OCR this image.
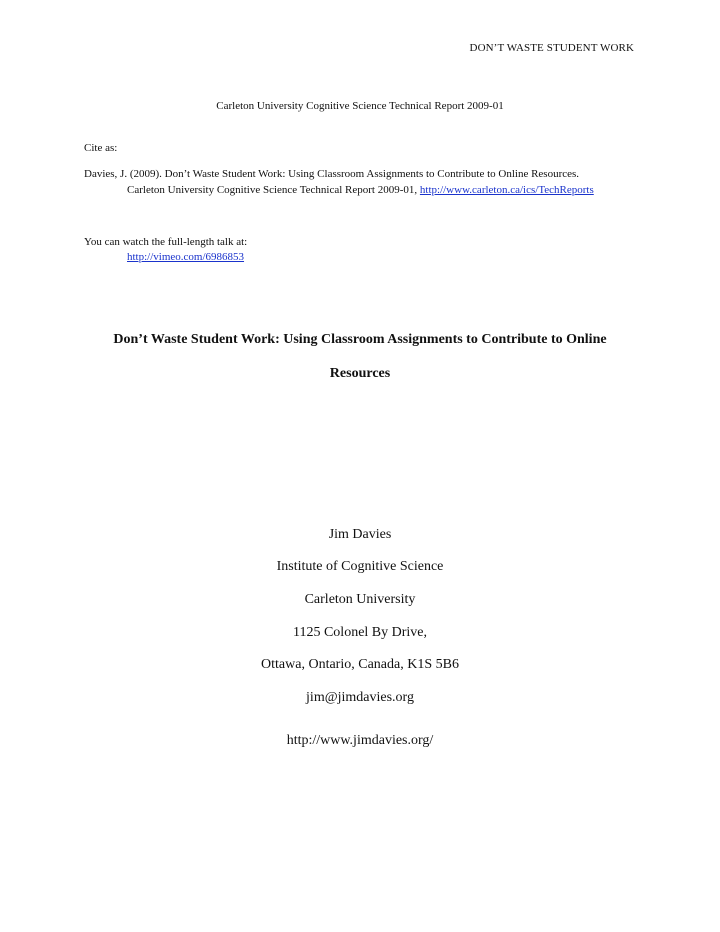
DON’T WASTE STUDENT WORK
Carleton University Cognitive Science Technical Report 2009-01
Cite as:
Davies, J. (2009). Don’t Waste Student Work: Using Classroom Assignments to Contribute to Online Resources.
Carleton University Cognitive Science Technical Report 2009-01, http://www.carleton.ca/ics/TechReports
You can watch the full-length talk at:
http://vimeo.com/6986853
Don’t Waste Student Work: Using Classroom Assignments to Contribute to Online
Resources
Jim Davies
Institute of Cognitive Science
Carleton University
1125 Colonel By Drive,
Ottawa, Ontario, Canada, K1S 5B6
jim@jimdavies.org
http://www.jimdavies.org/
